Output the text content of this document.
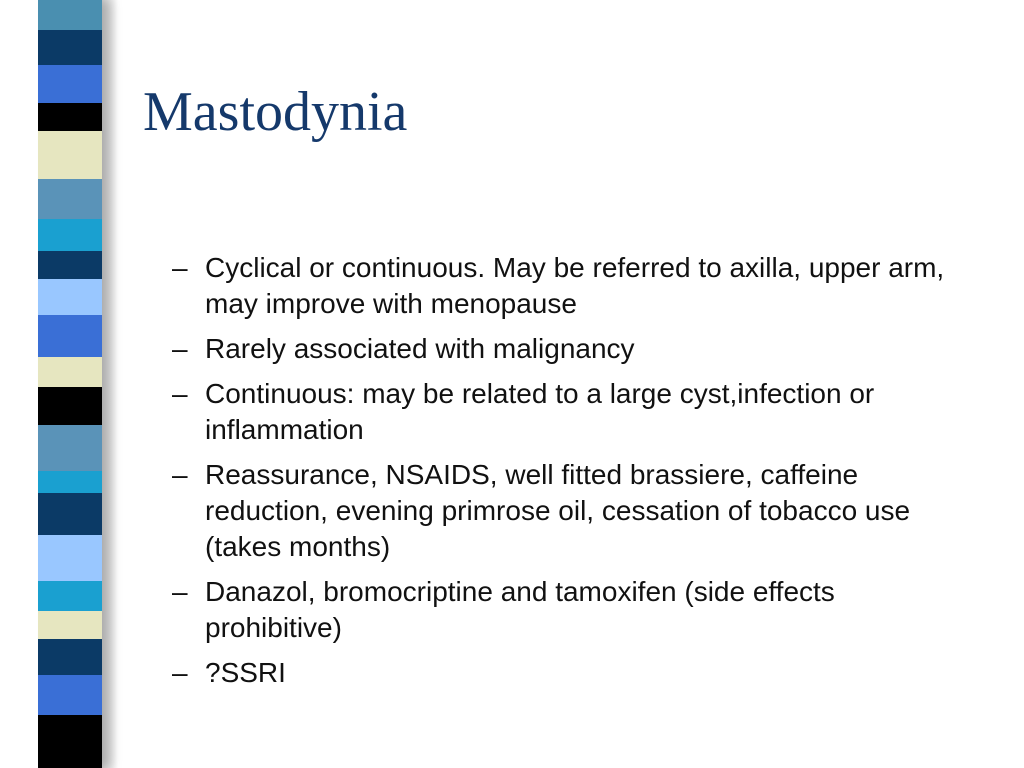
Mastodynia
– Cyclical or continuous. May be referred to axilla, upper arm, may improve with menopause
– Rarely associated with malignancy
– Continuous: may be related to a large cyst,infection or inflammation
– Reassurance, NSAIDS, well fitted brassiere, caffeine reduction, evening primrose oil, cessation of tobacco use (takes months)
– Danazol, bromocriptine and tamoxifen (side effects prohibitive)
– ?SSRI
